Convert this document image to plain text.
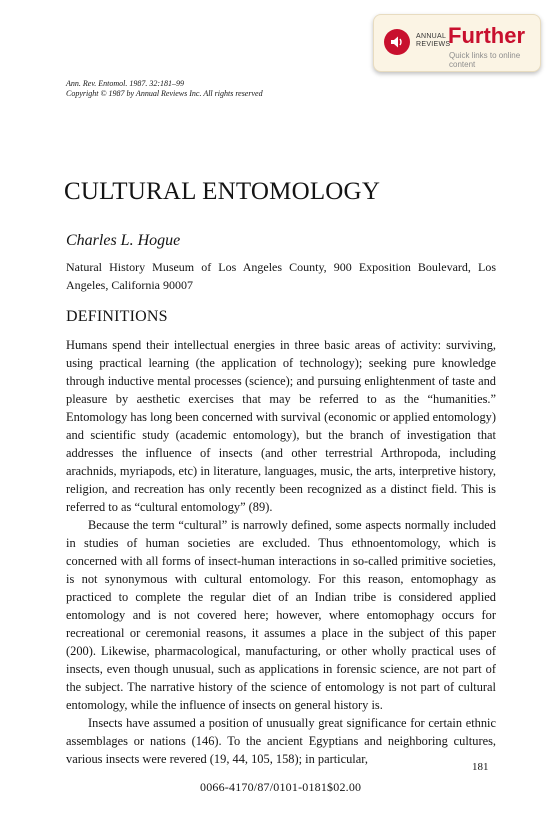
ANNUAL
REVIEWS
Further
Quick links to online content
Ann. Rev. Entomol. 1987. 32:181–99
Copyright © 1987 by Annual Reviews Inc. All rights reserved
CULTURAL ENTOMOLOGY
Charles L. Hogue
Natural History Museum of Los Angeles County, 900 Exposition Boulevard, Los Angeles, California 90007
DEFINITIONS

Humans spend their intellectual energies in three basic areas of activity: surviving, using practical learning (the application of technology); seeking pure knowledge through inductive mental processes (science); and pursuing enlightenment of taste and pleasure by aesthetic exercises that may be referred to as the “humanities.” Entomology has long been concerned with survival (economic or applied entomology) and scientific study (academic entomology), but the branch of investigation that addresses the influence of insects (and other terrestrial Arthropoda, including arachnids, myriapods, etc) in literature, languages, music, the arts, interpretive history, religion, and recreation has only recently been recognized as a distinct field. This is referred to as “cultural entomology” (89).

Because the term “cultural” is narrowly defined, some aspects normally included in studies of human societies are excluded. Thus ethnoentomology, which is concerned with all forms of insect-human interactions in so-called primitive societies, is not synonymous with cultural entomology. For this reason, entomophagy as practiced to complete the regular diet of an Indian tribe is considered applied entomology and is not covered here; however, where entomophagy occurs for recreational or ceremonial reasons, it assumes a place in the subject of this paper (200). Likewise, pharmacological, manufacturing, or other wholly practical uses of insects, even though unusual, such as applications in forensic science, are not part of the subject. The narrative history of the science of entomology is not part of cultural entomology, while the influence of insects on general history is.

Insects have assumed a position of unusually great significance for certain ethnic assemblages or nations (146). To the ancient Egyptians and neighboring cultures, various insects were revered (19, 44, 105, 158); in particular,

181
0066-4170/87/0101-0181$02.00
